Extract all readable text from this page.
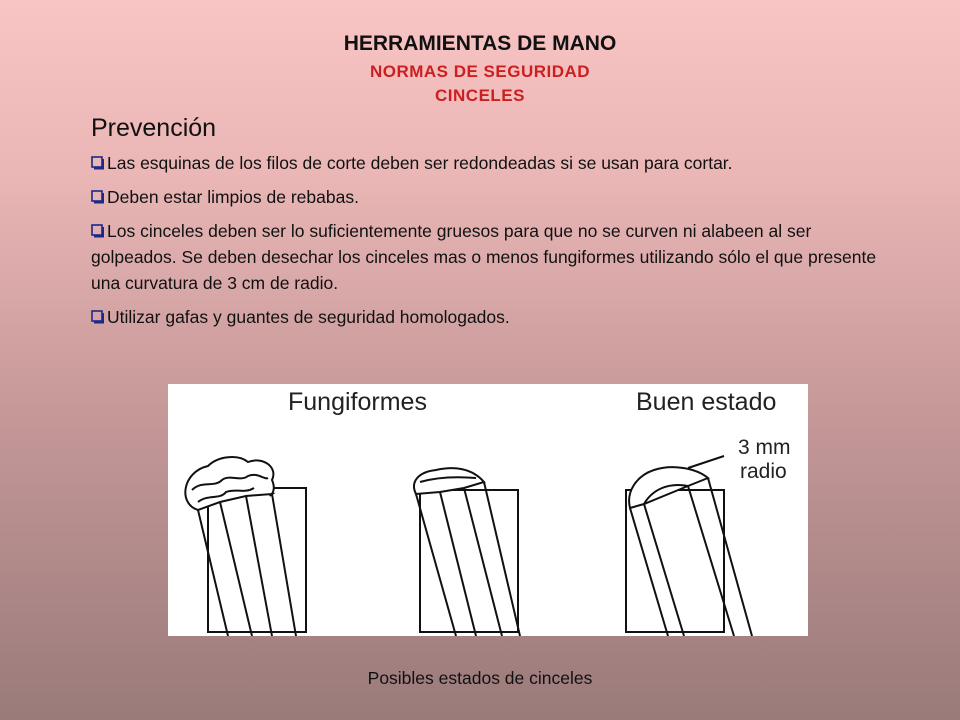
HERRAMIENTAS DE MANO
NORMAS DE SEGURIDAD
CINCELES
Prevención
Las esquinas de los filos de corte deben ser redondeadas si se usan para cortar.
Deben estar limpios de rebabas.
Los cinceles deben ser lo suficientemente gruesos para que no se curven ni alabeen al ser golpeados. Se deben desechar los cinceles mas o menos fungiformes utilizando sólo el que presente una curvatura de 3 cm de radio.
Utilizar gafas y guantes de seguridad homologados.
Fungiformes	Buen estado
3 mm
radio
Posibles estados de cinceles
